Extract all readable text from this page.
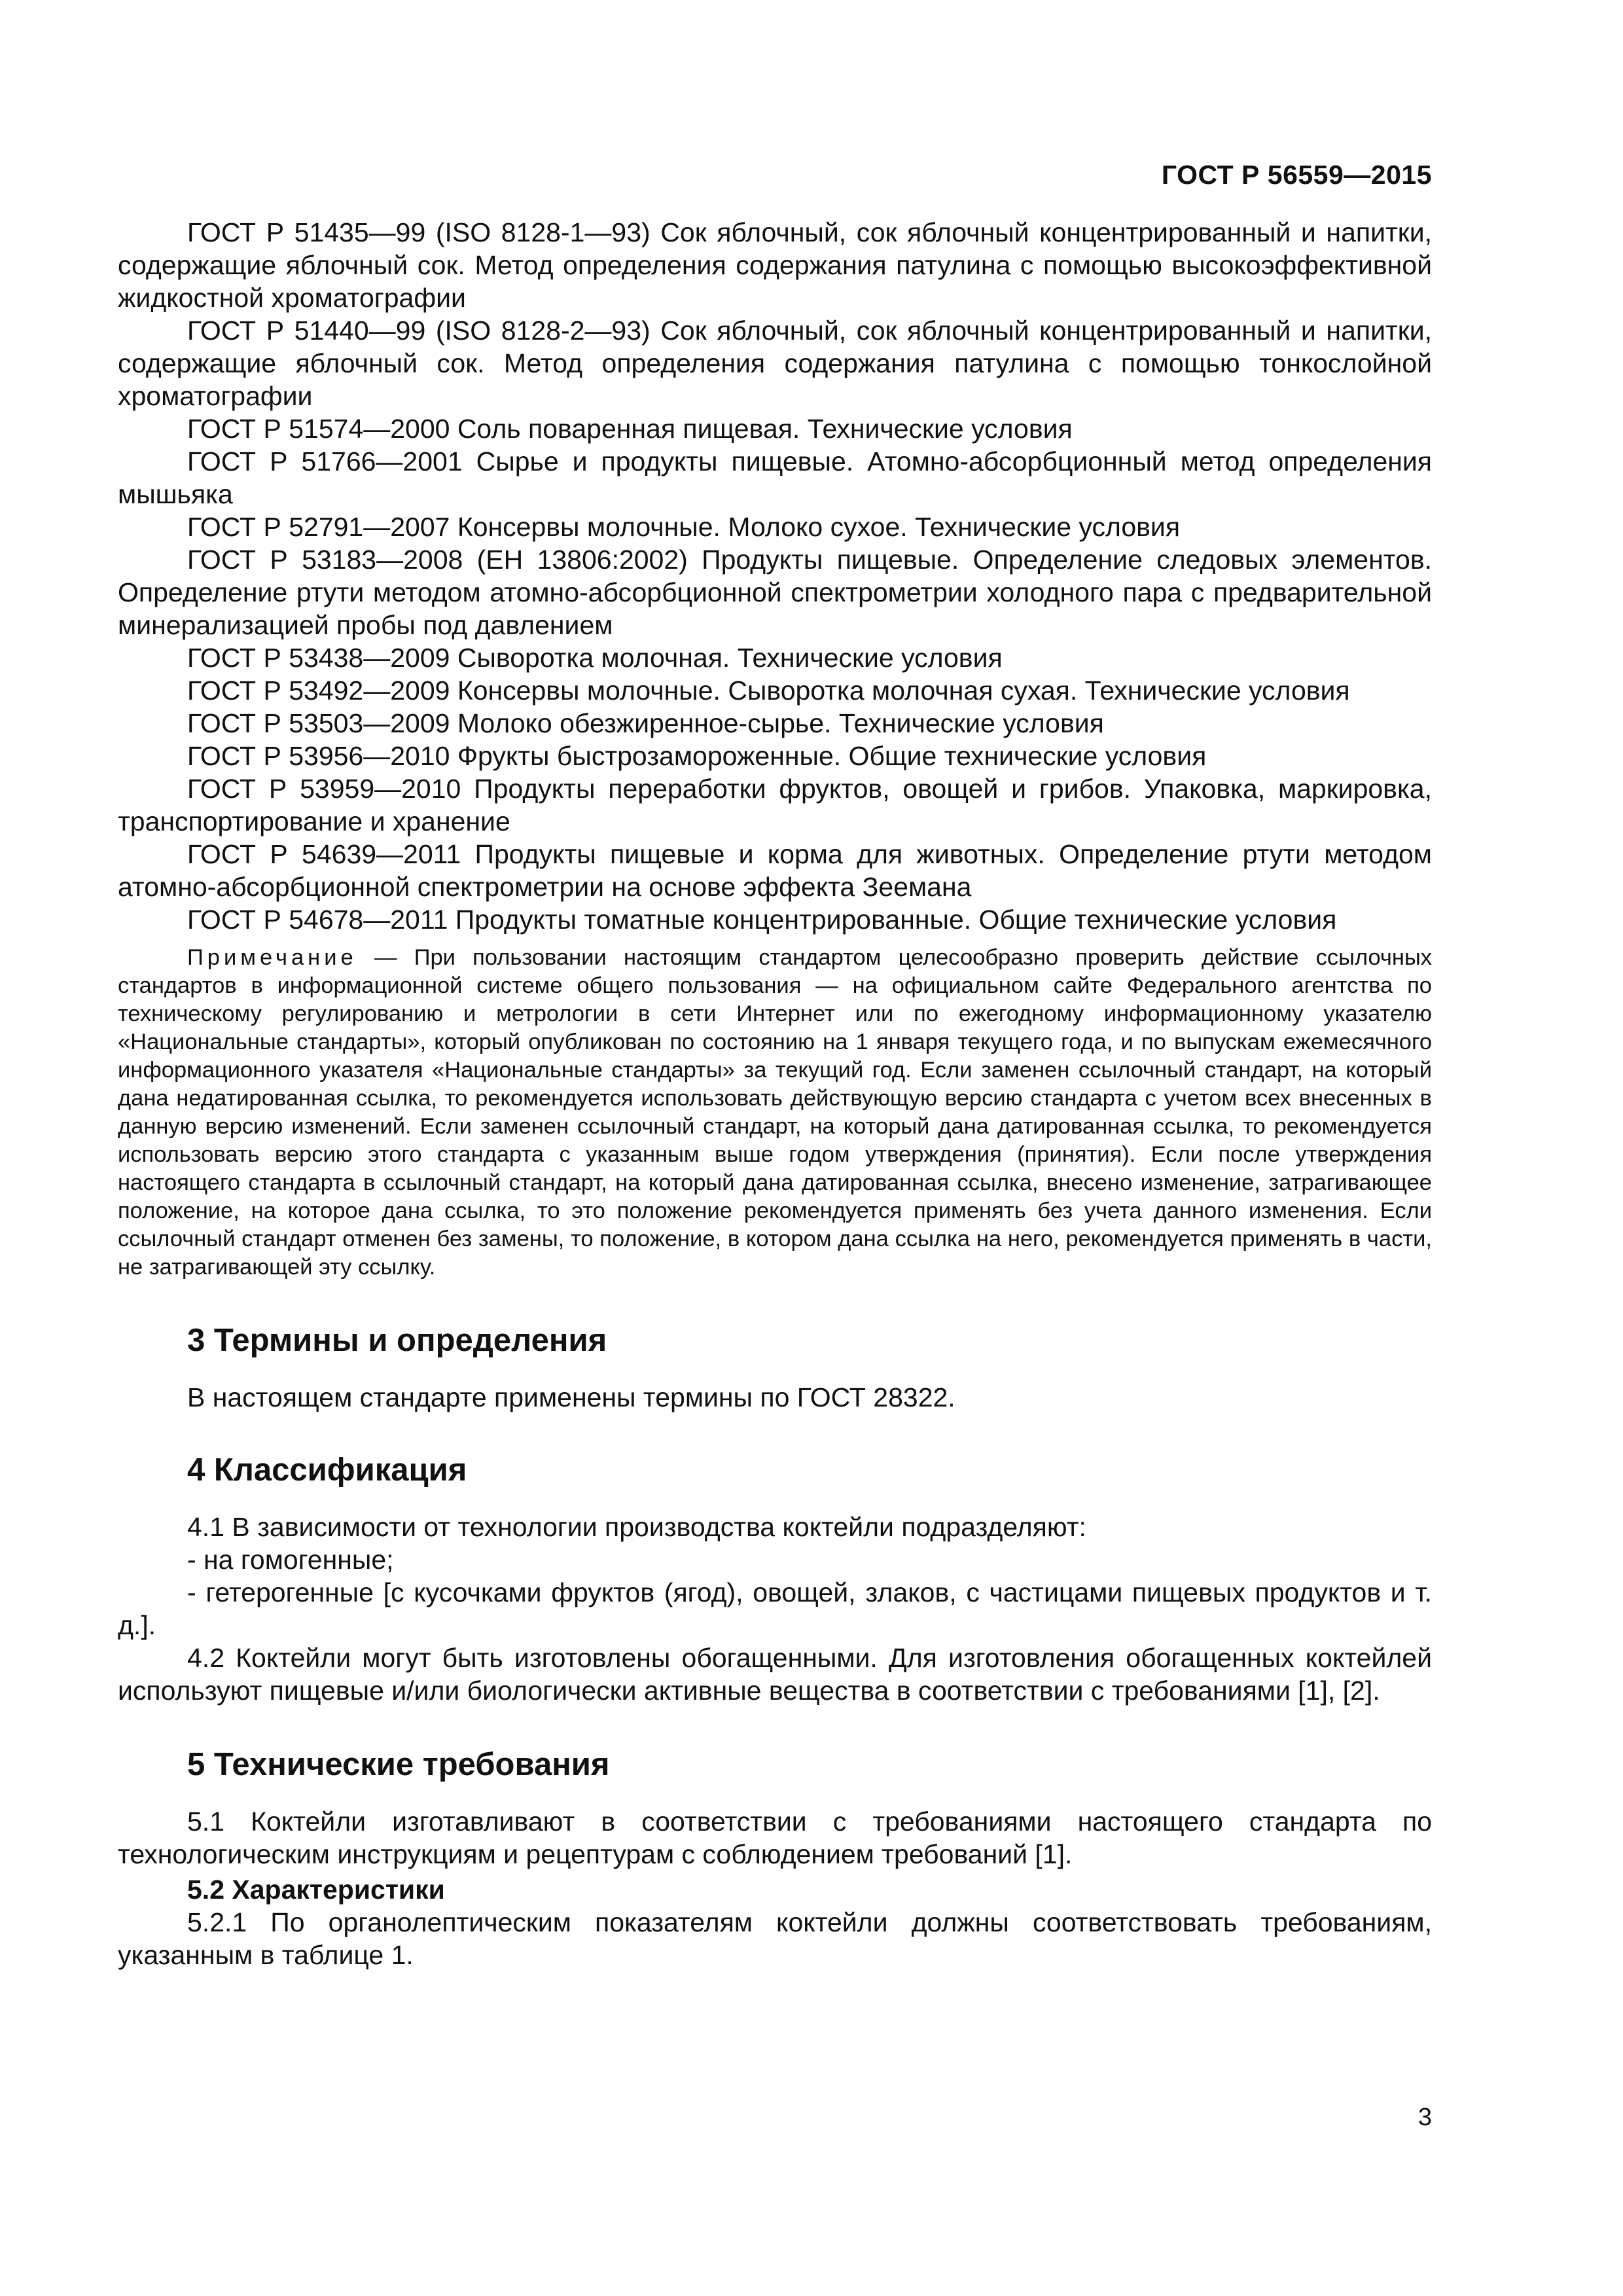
ГОСТ Р 56559—2015

ГОСТ Р 51435—99 (ISO 8128-1—93) Сок яблочный, сок яблочный концентрированный и напитки, содержащие яблочный сок. Метод определения содержания патулина с помощью высокоэффективной жидкостной хроматографии

ГОСТ Р 51440—99 (ISO 8128-2—93) Сок яблочный, сок яблочный концентрированный и напитки, содержащие яблочный сок. Метод определения содержания патулина с помощью тонкослойной хроматографии

ГОСТ Р 51574—2000 Соль поваренная пищевая. Технические условия

ГОСТ Р 51766—2001 Сырье и продукты пищевые. Атомно-абсорбционный метод определения мышьяка

ГОСТ Р 52791—2007 Консервы молочные. Молоко сухое. Технические условия

ГОСТ Р 53183—2008 (ЕН 13806:2002) Продукты пищевые. Определение следовых элементов. Определение ртути методом атомно-абсорбционной спектрометрии холодного пара с предварительной минерализацией пробы под давлением

ГОСТ Р 53438—2009 Сыворотка молочная. Технические условия

ГОСТ Р 53492—2009 Консервы молочные. Сыворотка молочная сухая. Технические условия

ГОСТ Р 53503—2009 Молоко обезжиренное-сырье. Технические условия

ГОСТ Р 53956—2010 Фрукты быстрозамороженные. Общие технические условия

ГОСТ Р 53959—2010 Продукты переработки фруктов, овощей и грибов. Упаковка, маркировка, транспортирование и хранение

ГОСТ Р 54639—2011 Продукты пищевые и корма для животных. Определение ртути методом атомно-абсорбционной спектрометрии на основе эффекта Зеемана

ГОСТ Р 54678—2011 Продукты томатные концентрированные. Общие технические условия

Примечание — При пользовании настоящим стандартом целесообразно проверить действие ссылочных стандартов в информационной системе общего пользования — на официальном сайте Федерального агентства по техническому регулированию и метрологии в сети Интернет или по ежегодному информационному указателю «Национальные стандарты», который опубликован по состоянию на 1 января текущего года, и по выпускам ежемесячного информационного указателя «Национальные стандарты» за текущий год. Если заменен ссылочный стандарт, на который дана недатированная ссылка, то рекомендуется использовать действующую версию стандарта с учетом всех внесенных в данную версию изменений. Если заменен ссылочный стандарт, на который дана датированная ссылка, то рекомендуется использовать версию этого стандарта с указанным выше годом утверждения (принятия). Если после утверждения настоящего стандарта в ссылочный стандарт, на который дана датированная ссылка, внесено изменение, затрагивающее положение, на которое дана ссылка, то это положение рекомендуется применять без учета данного изменения. Если ссылочный стандарт отменен без замены, то положение, в котором дана ссылка на него, рекомендуется применять в части, не затрагивающей эту ссылку.

3 Термины и определения

В настоящем стандарте применены термины по ГОСТ 28322.

4 Классификация

4.1 В зависимости от технологии производства коктейли подразделяют:

- на гомогенные;

- гетерогенные [с кусочками фруктов (ягод), овощей, злаков, с частицами пищевых продуктов и т. д.].

4.2 Коктейли могут быть изготовлены обогащенными. Для изготовления обогащенных коктейлей используют пищевые и/или биологически активные вещества в соответствии с требованиями [1], [2].

5 Технические требования

5.1 Коктейли изготавливают в соответствии с требованиями настоящего стандарта по технологическим инструкциям и рецептурам с соблюдением требований [1].

5.2 Характеристики

5.2.1 По органолептическим показателям коктейли должны соответствовать требованиям, указанным в таблице 1.

3
